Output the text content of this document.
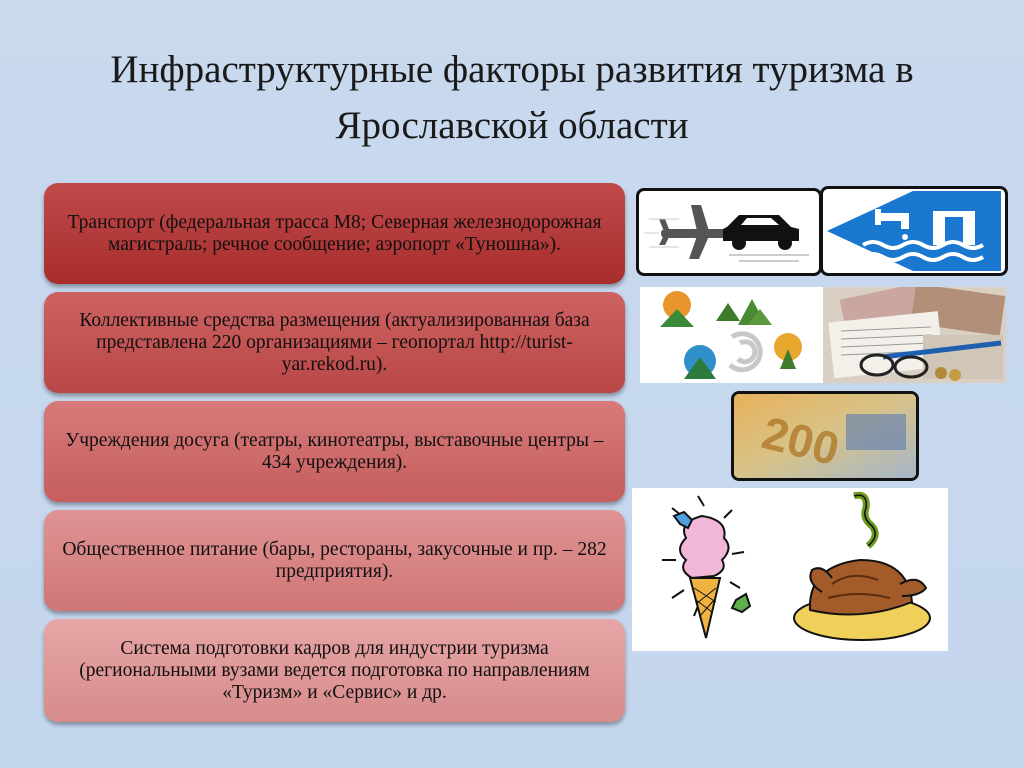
Инфраструктурные факторы развития туризма в Ярославской области
Транспорт (федеральная трасса М8; Северная железнодорожная магистраль; речное сообщение; аэропорт «Туношна»).
Коллективные средства размещения (актуализированная база представлена 220 организациями – геопортал http://turist-yar.rekod.ru).
Учреждения досуга (театры, кинотеатры, выставочные центры – 434 учреждения).
Общественное питание (бары, рестораны, закусочные и пр. – 282 предприятия).
Система подготовки кадров для индустрии туризма (региональными вузами ведется подготовка по направлениям «Туризм» и «Сервис» и др.
200
